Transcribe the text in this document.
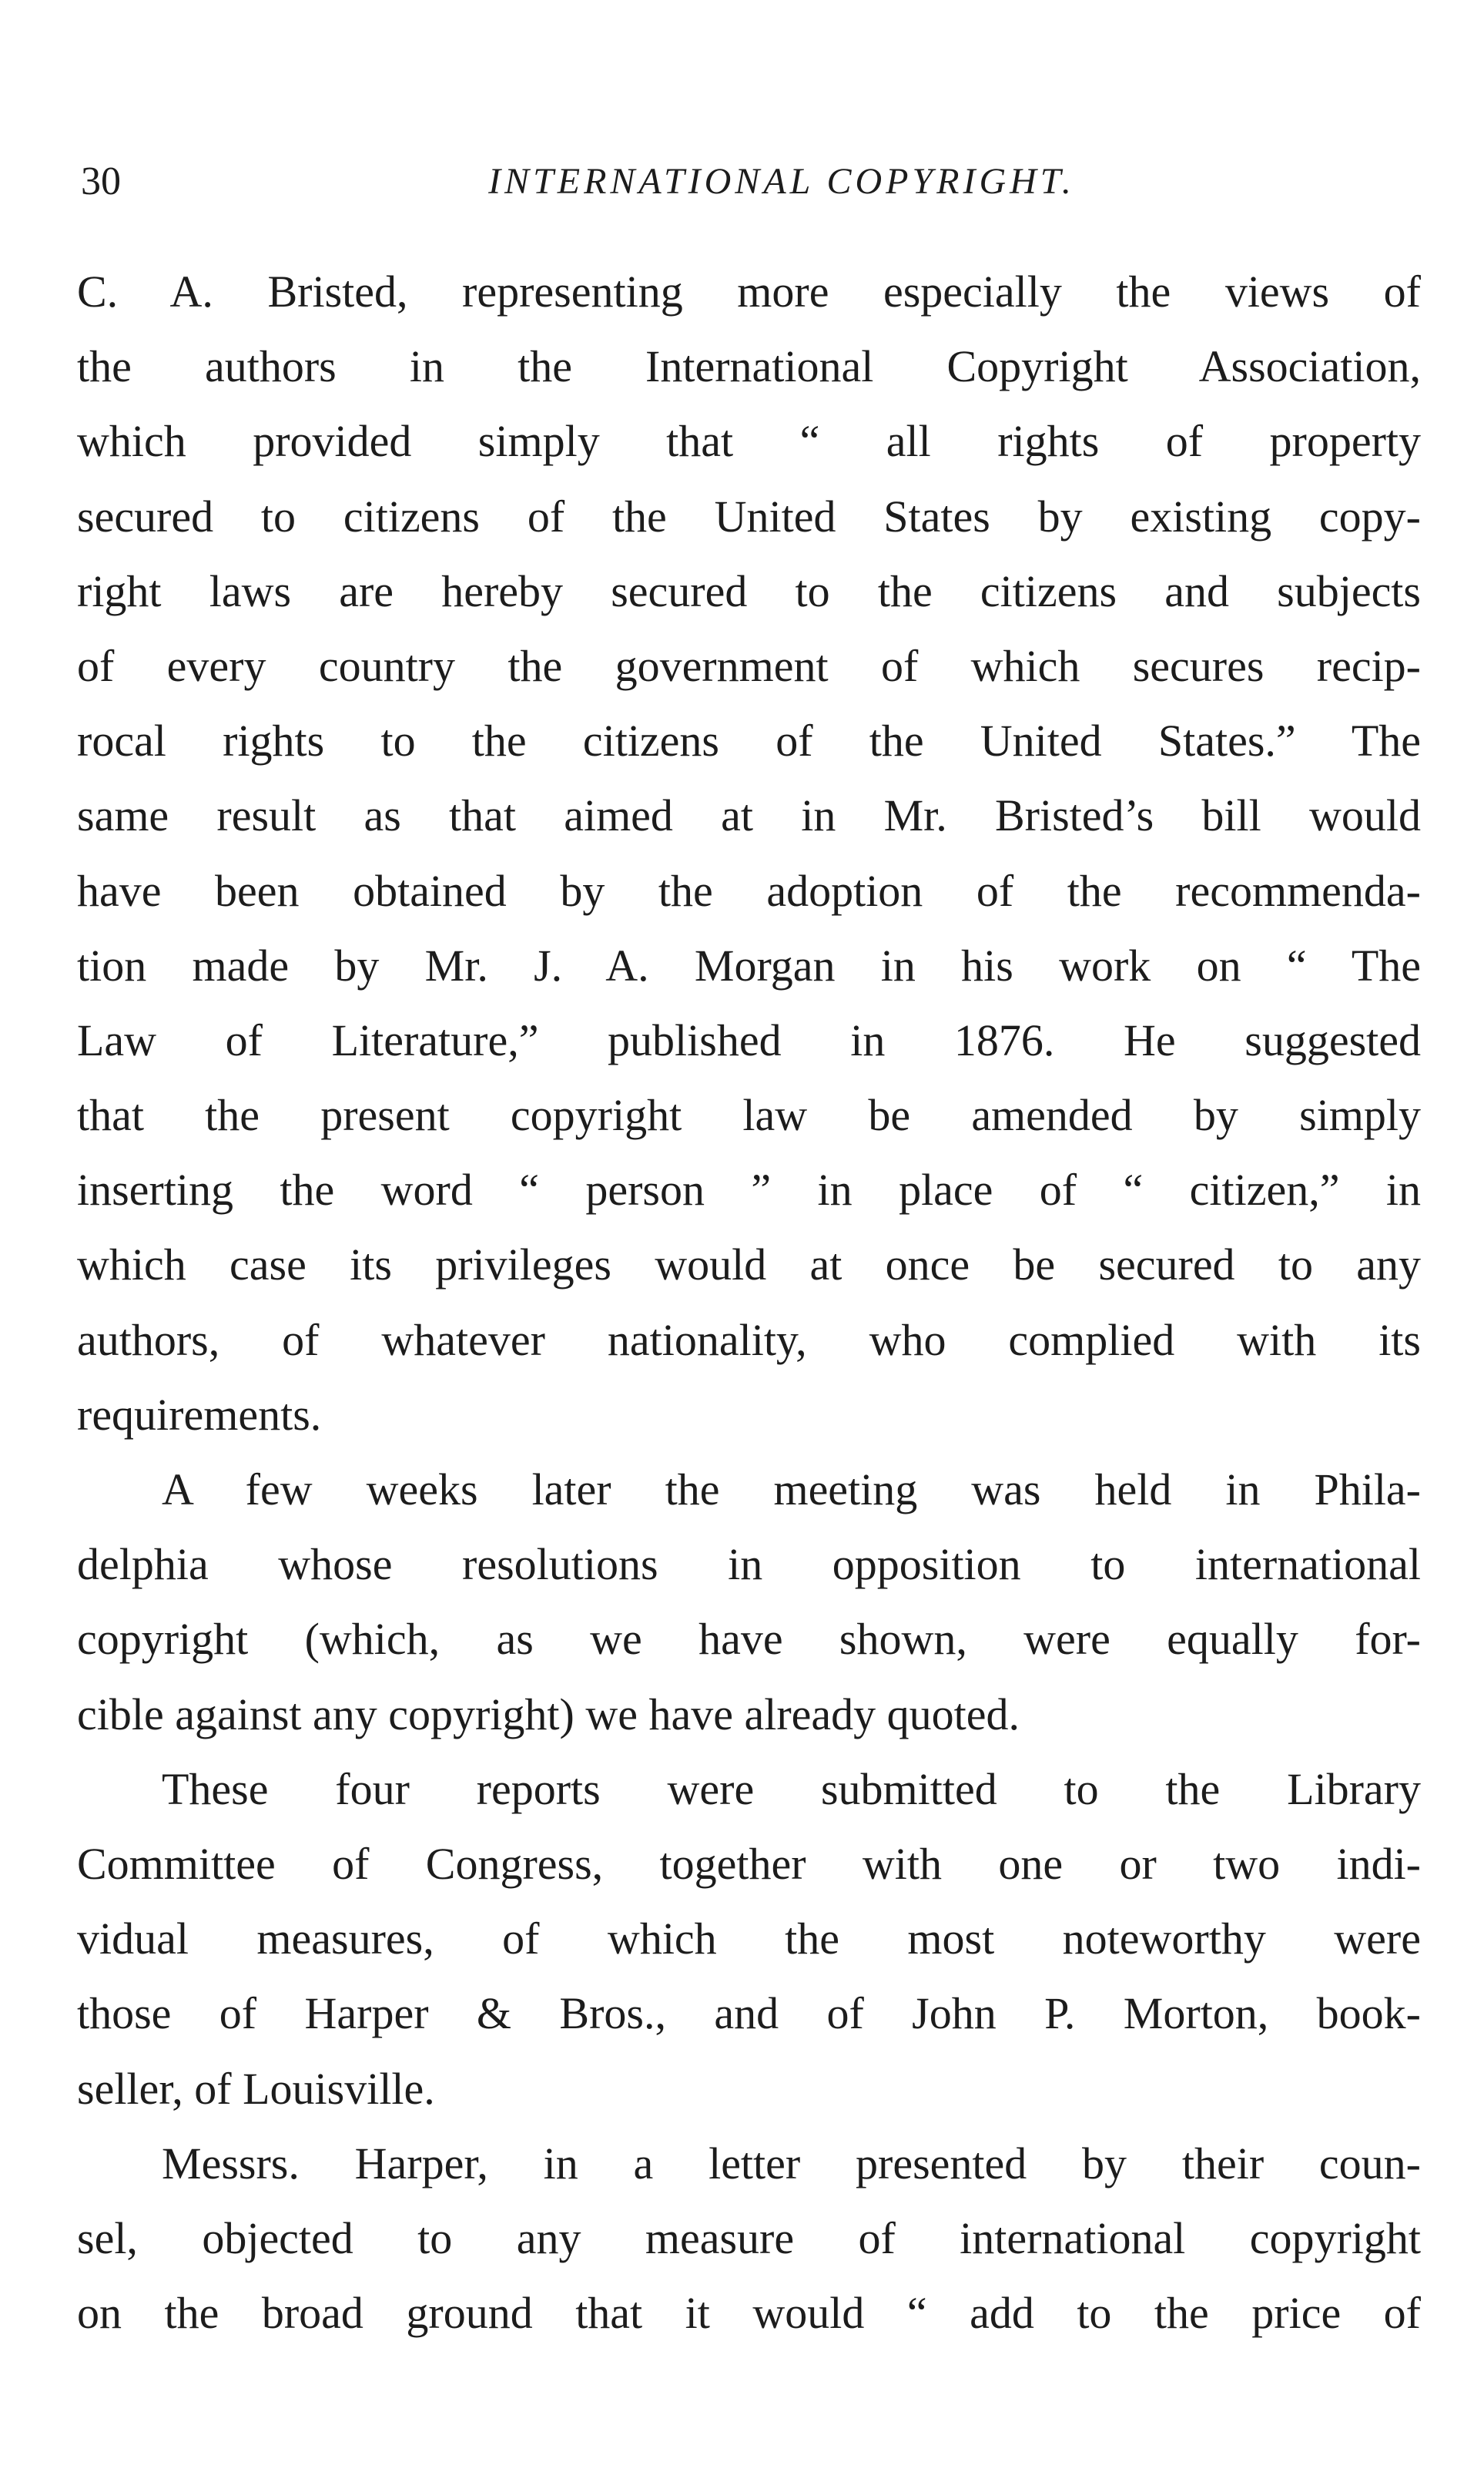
30	INTERNATIONAL COPYRIGHT.
C. A. Bristed, representing more especially the views of
the authors in the International Copyright Association,
which provided simply that “ all rights of property
secured to citizens of the United States by existing copy-
right laws are hereby secured to the citizens and subjects
of every country the government of which secures recip-
rocal rights to the citizens of the United States.” The
same result as that aimed at in Mr. Bristed’s bill would
have been obtained by the adoption of the recommenda-
tion made by Mr. J. A. Morgan in his work on “ The
Law of Literature,” published in 1876. He suggested
that the present copyright law be amended by simply
inserting the word “ person ” in place of “ citizen,” in
which case its privileges would at once be secured to any
authors, of whatever nationality, who complied with its
requirements.
A few weeks later the meeting was held in Phila-
delphia whose resolutions in opposition to international
copyright (which, as we have shown, were equally for-
cible against any copyright) we have already quoted.
These four reports were submitted to the Library
Committee of Congress, together with one or two indi-
vidual measures, of which the most noteworthy were
those of Harper & Bros., and of John P. Morton, book-
seller, of Louisville.
Messrs. Harper, in a letter presented by their coun-
sel, objected to any measure of international copyright
on the broad ground that it would “ add to the price of
